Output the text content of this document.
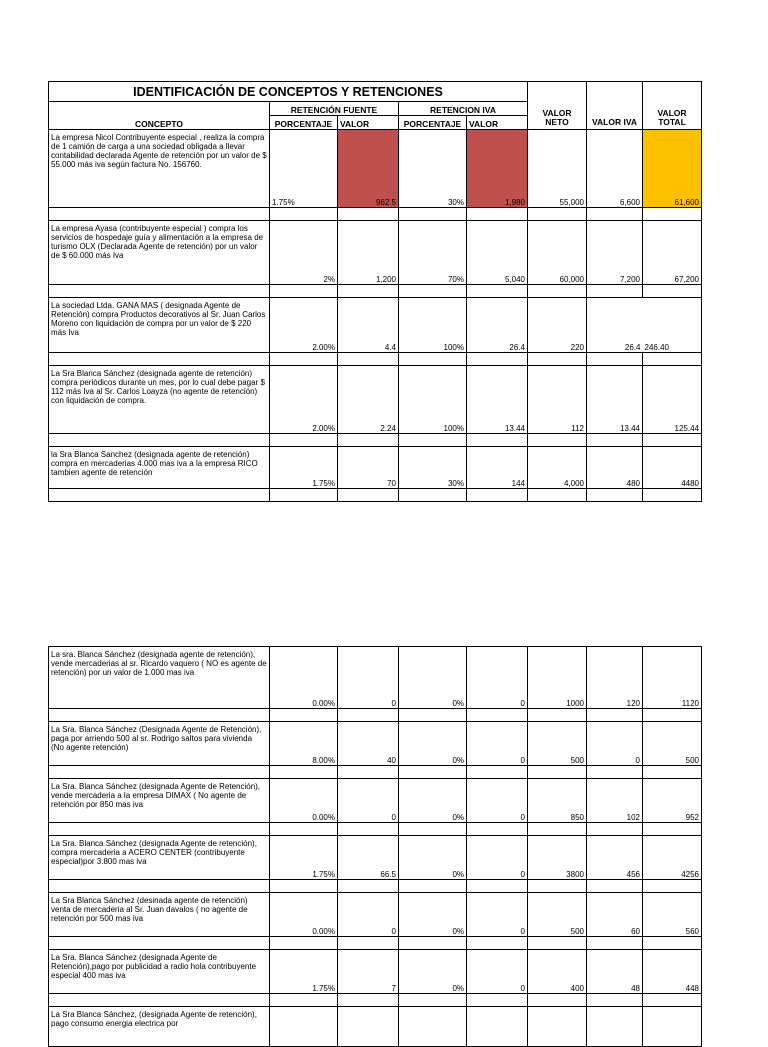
IDENTIFICACIÓN DE CONCEPTOS Y RETENCIONES					VALOR NETO	VALOR IVA	VALOR TOTAL
CONCEPTO	RETENCIÓN FUENTE		RETENCION IVA				
	PORCENTAJE	VALOR	PORCENTAJE	VALOR			
La empresa Nicol Contribuyente especial , realiza la compra de 1 camión de carga a una sociedad obligada a llevar contabilidad declarada Agente de retención por un valor de $ 55.000 más iva según factura No. 156760.	1.75%	962.5	30%	1,980	55,000	6,600	61,600

La empresa Ayasa (contribuyente especial ) compra los servicios de hospedaje guía y alimentación a la empresa de turismo OLX (Declarada Agente de retención) por un valor de $ 60.000 más Iva	2%	1,200	70%	5,040	60,000	7,200	67,200

La sociedad Ltda. GANA MAS ( designada Agente de Retención) compra Productos decorativos al Sr. Juan Carlos Moreno con liquidación de compra por un valor de $ 220 más Iva	2.00%	4.4	100%	26.4	220	26.4	246.40

La Sra Blanca Sánchez (designada agente de retención) compra periódicos durante un mes, por lo cual debe pagar $ 112 más Iva al Sr. Carlos Loayza (no agente de retención) con liquidación de compra.	2.00%	2.24	100%	13.44	112	13.44	125.44

la Sra Blanca Sanchez (designada agente de retención) compra en mercaderias 4.000 mas iva a la empresa RICO tambien agente de retención	1.75%	70	30%	144	4,000	480	4480

La sra. Blanca Sánchez (designada agente de retención), vende mercaderias al sr. Ricardo vaquero ( NO es agente de retención) por un valor de 1.000 mas iva	0.00%	0	0%	0	1000	120	1120

La Sra. Blanca Sánchez (Designada Agente de Retención), paga por arriendo 500 al sr. Rodrigo saltos para vivienda (No agente retención)	8.00%	40	0%	0	500	0	500

La Sra. Blanca Sánchez (designada Agente de Retención), vende mercaderia a la empresa DIMAX ( No agente de retención por 850 mas iva	0.00%	0	0%	0	850	102	952

La Sra. Blanca Sánchez (designada Agente de retención), compra mercaderia a ACERO CENTER (contribuyente especial)por 3.800 mas iva	1.75%	66.5	0%	0	3800	456	4256

La Sra Blanca Sánchez (desinada agente de retención) venta de mercaderia al Sr. Juan davalos ( no agente de retención por 500 mas iva	0.00%	0	0%	0	500	60	560

La Sra. Blanca Sánchez (designada Agente de Retención),pago por publicidad a radio hola contribuyente especial 400 mas iva	1.75%	7	0%	0	400	48	448

La Sra Blanca Sánchez, (designada Agente de retención), pago consumo energia electrica por							
